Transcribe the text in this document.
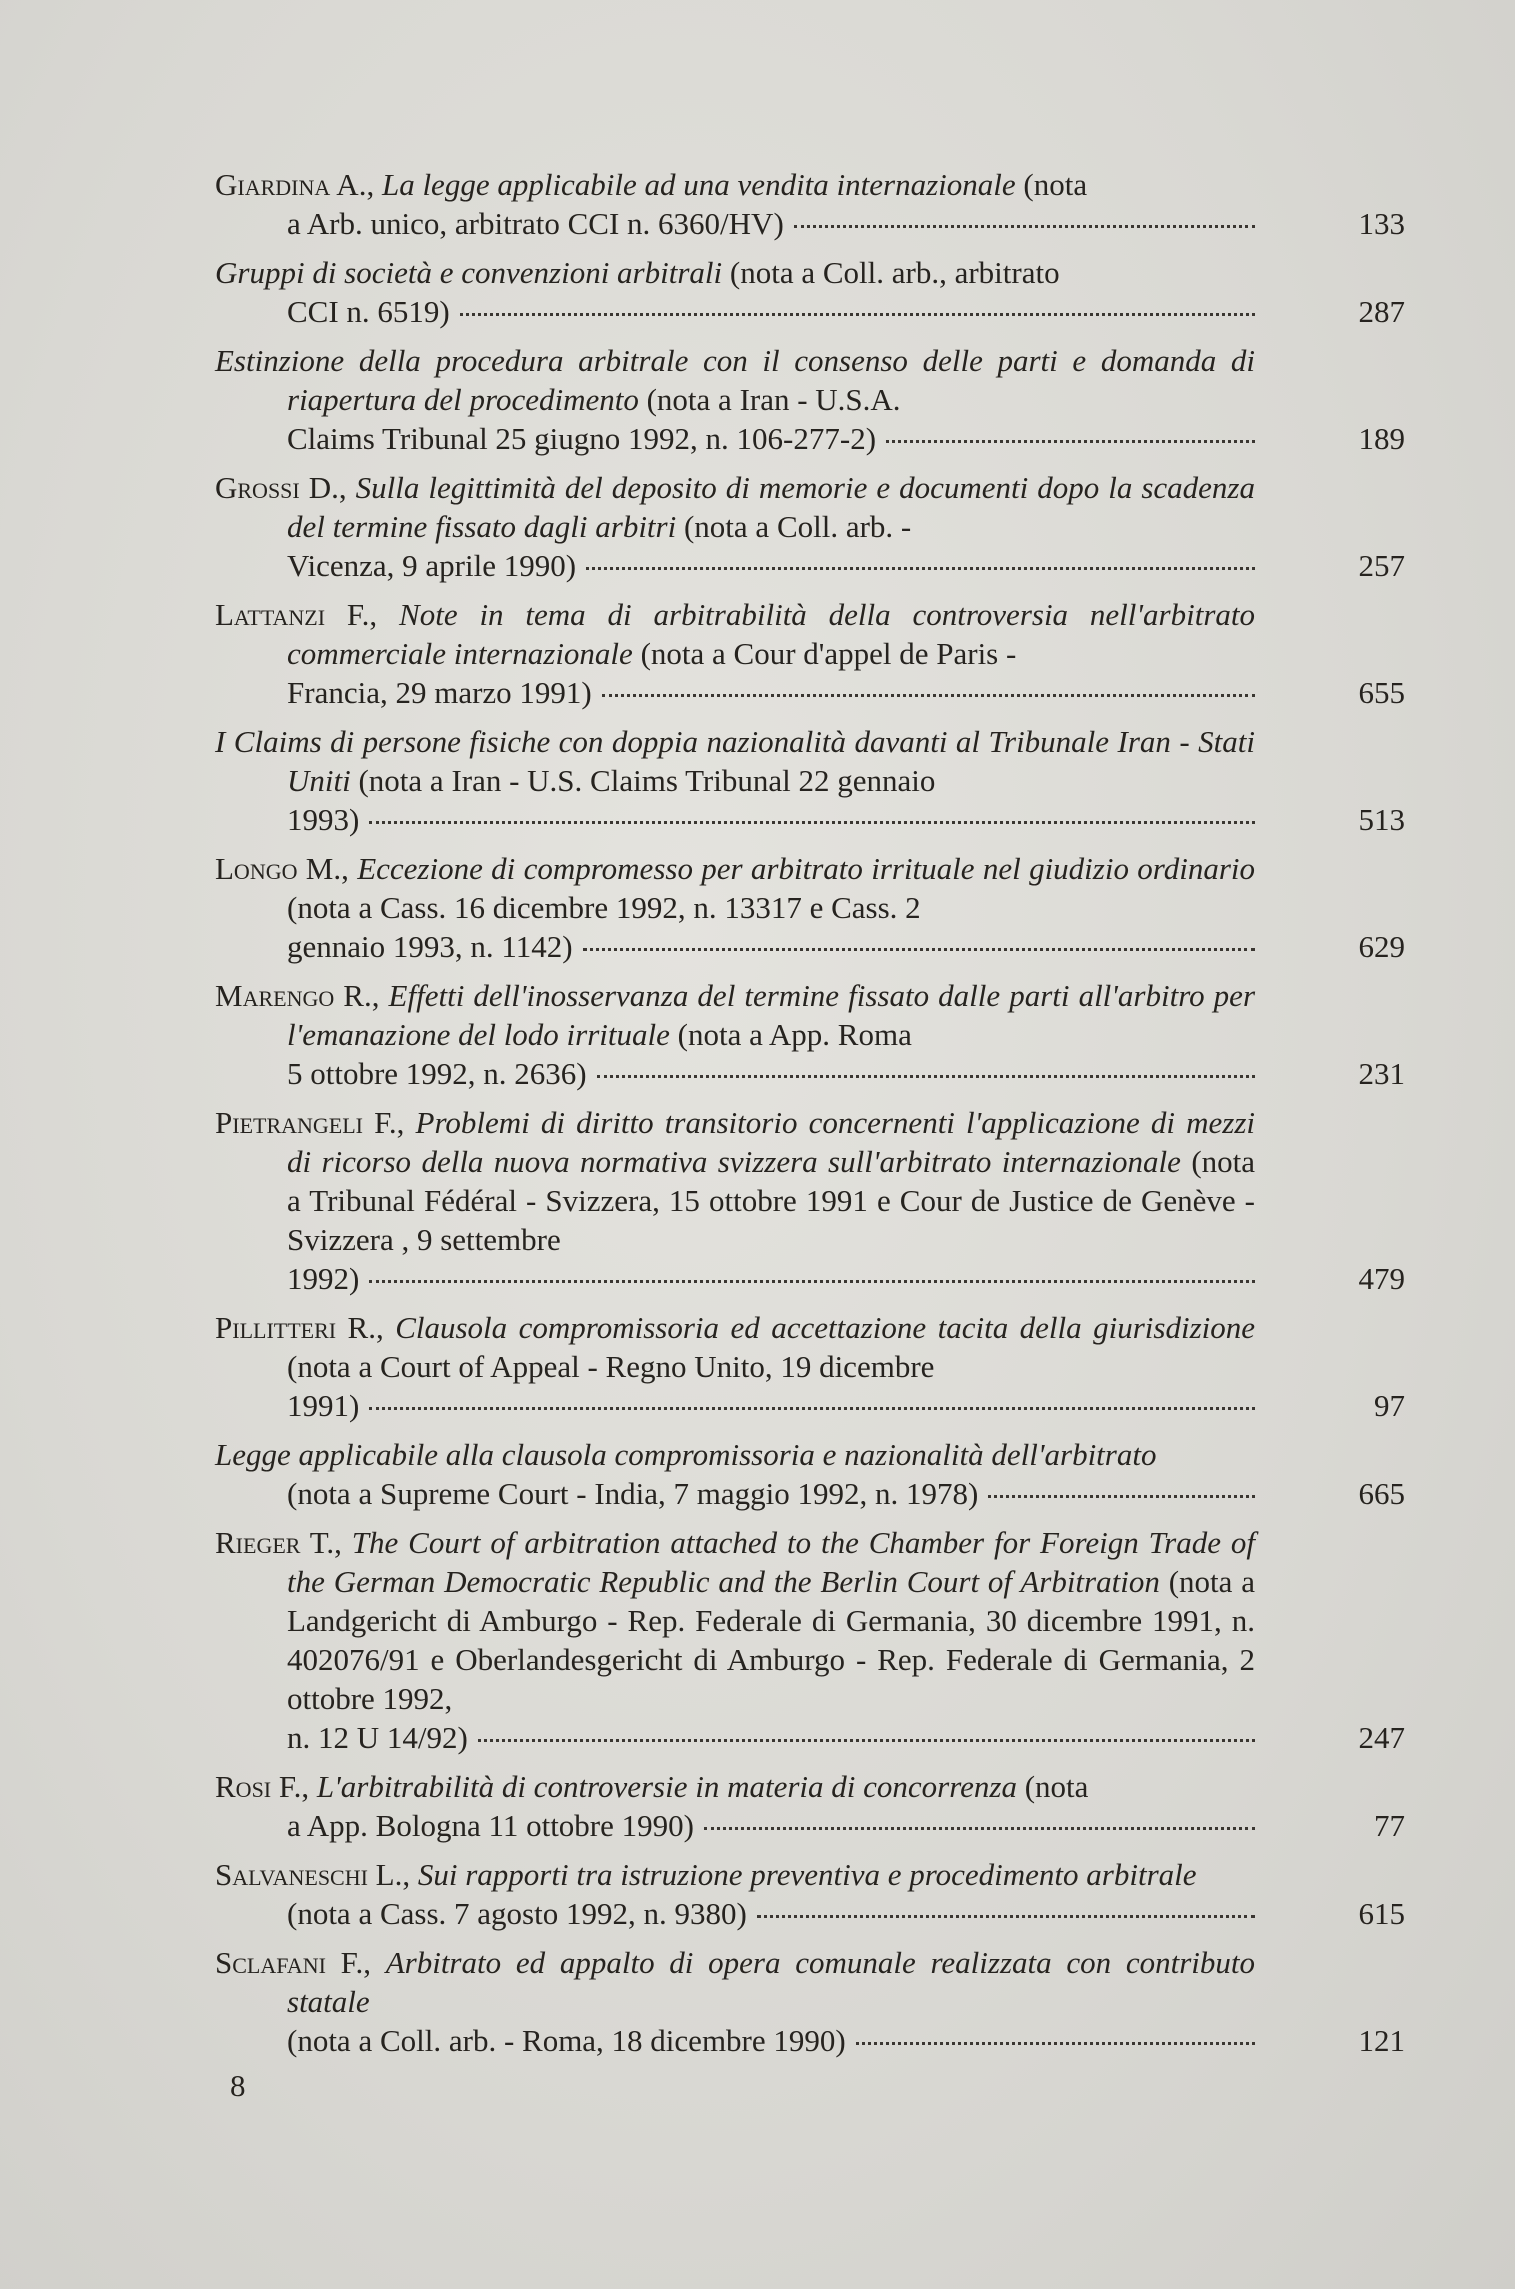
Giardina A., La legge applicabile ad una vendita internazionale (nota
a Arb. unico, arbitrato CCI n. 6360/HV)	133
Gruppi di società e convenzioni arbitrali (nota a Coll. arb., arbitrato
CCI n. 6519)	287
Estinzione della procedura arbitrale con il consenso delle parti e domanda di riapertura del procedimento (nota a Iran - U.S.A.
Claims Tribunal 25 giugno 1992, n. 106-277-2)	189
Grossi D., Sulla legittimità del deposito di memorie e documenti dopo la scadenza del termine fissato dagli arbitri (nota a Coll. arb. -
Vicenza, 9 aprile 1990)	257
Lattanzi F., Note in tema di arbitrabilità della controversia nell'arbitrato commerciale internazionale (nota a Cour d'appel de Paris -
Francia, 29 marzo 1991)	655
I Claims di persone fisiche con doppia nazionalità davanti al Tribunale Iran - Stati Uniti (nota a Iran - U.S. Claims Tribunal 22 gennaio
1993)	513
Longo M., Eccezione di compromesso per arbitrato irrituale nel giudizio ordinario (nota a Cass. 16 dicembre 1992, n. 13317 e Cass. 2
gennaio 1993, n. 1142)	629
Marengo R., Effetti dell'inosservanza del termine fissato dalle parti all'arbitro per l'emanazione del lodo irrituale (nota a App. Roma
5 ottobre 1992, n. 2636)	231
Pietrangeli F., Problemi di diritto transitorio concernenti l'applicazione di mezzi di ricorso della nuova normativa svizzera sull'arbitrato internazionale (nota a Tribunal Fédéral - Svizzera, 15 ottobre 1991 e Cour de Justice de Genève - Svizzera , 9 settembre
1992)	479
Pillitteri R., Clausola compromissoria ed accettazione tacita della giurisdizione (nota a Court of Appeal - Regno Unito, 19 dicembre
1991)	97
Legge applicabile alla clausola compromissoria e nazionalità dell'arbitrato
(nota a Supreme Court - India, 7 maggio 1992, n. 1978)	665
Rieger T., The Court of arbitration attached to the Chamber for Foreign Trade of the German Democratic Republic and the Berlin Court of Arbitration (nota a Landgericht di Amburgo - Rep. Federale di Germania, 30 dicembre 1991, n. 402076/91 e Oberlandesgericht di Amburgo - Rep. Federale di Germania, 2 ottobre 1992,
n. 12 U 14/92)	247
Rosi F., L'arbitrabilità di controversie in materia di concorrenza (nota
a App. Bologna 11 ottobre 1990)	77
Salvaneschi L., Sui rapporti tra istruzione preventiva e procedimento arbitrale
(nota a Cass. 7 agosto 1992, n. 9380)	615
Sclafani F., Arbitrato ed appalto di opera comunale realizzata con contributo statale
(nota a Coll. arb. - Roma, 18 dicembre 1990)	121
8
